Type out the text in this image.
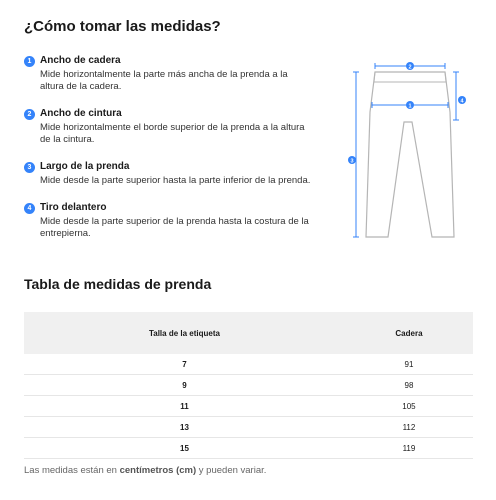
¿Cómo tomar las medidas?
1 Ancho de cadera
Mide horizontalmente la parte más ancha de la prenda a la altura de la cadera.
2 Ancho de cintura
Mide horizontalmente el borde superior de la prenda a la altura de la cintura.
3 Largo de la prenda
Mide desde la parte superior hasta la parte inferior de la prenda.
4 Tiro delantero
Mide desde la parte superior de la prenda hasta la costura de la entrepierna.
2
1
3
4
Tabla de medidas de prenda
Talla de la etiqueta	Cadera
7	91
9	98
11	105
13	112
15	119
Las medidas están en centímetros (cm) y pueden variar.
